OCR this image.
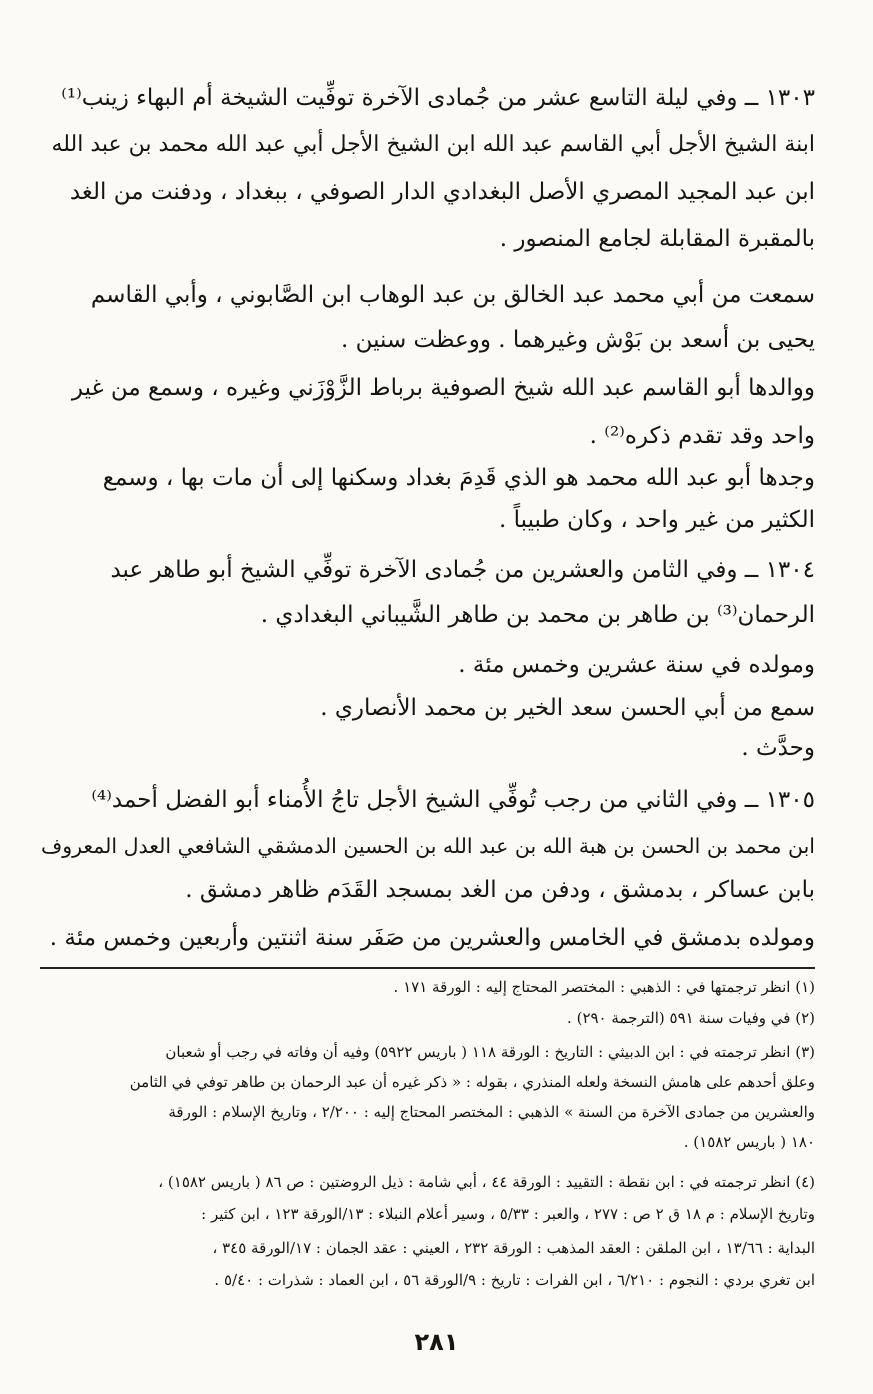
١٣٠٣ ــ وفي ليلة التاسع عشر من جُمادى الآخرة توفِّيت الشيخة أم البهاء زينب⁽¹⁾
ابنة الشيخ الأجل أبي القاسم عبد الله ابن الشيخ الأجل أبي عبد الله محمد بن عبد الله
ابن عبد المجيد المصري الأصل البغدادي الدار الصوفي ، ببغداد ، ودفنت من الغد
بالمقبرة المقابلة لجامع المنصور .
سمعت من أبي محمد عبد الخالق بن عبد الوهاب ابن الصَّابوني ، وأبي القاسم
يحيى بن أسعد بن بَوْش وغيرهما . ووعظت سنين .
ووالدها أبو القاسم عبد الله شيخ الصوفية برباط الزَّوْزَني وغيره ، وسمع من غير
واحد وقد تقدم ذكره⁽²⁾ .
وجدها أبو عبد الله محمد هو الذي قَدِمَ بغداد وسكنها إلى أن مات بها ، وسمع
الكثير من غير واحد ، وكان طبيباً .
١٣٠٤ ــ وفي الثامن والعشرين من جُمادى الآخرة توفِّي الشيخ أبو طاهر عبد
الرحمان⁽³⁾ بن طاهر بن محمد بن طاهر الشَّيباني البغدادي .
ومولده في سنة عشرين وخمس مئة .
سمع من أبي الحسن سعد الخير بن محمد الأنصاري .
وحدَّث .
١٣٠٥ ــ وفي الثاني من رجب تُوفِّي الشيخ الأجل تاجُ الأُمناء أبو الفضل أحمد⁽⁴⁾
ابن محمد بن الحسن بن هبة الله بن عبد الله بن الحسين الدمشقي الشافعي العدل المعروف
بابن عساكر ، بدمشق ، ودفن من الغد بمسجد القَدَم ظاهر دمشق .
ومولده بدمشق في الخامس والعشرين من صَفَر سنة اثنتين وأربعين وخمس مئة .
(١) انظر ترجمتها في : الذهبي : المختصر المحتاج إليه : الورقة ١٧١ .
(٢) في وفيات سنة ٥٩١ (الترجمة ٢٩٠) .
(٣) انظر ترجمته في : ابن الدبيثي : التاريخ : الورقة ١١٨ ( باريس ٥٩٢٢) وفيه أن وفاته في رجب أو شعبان
وعلق أحدهم على هامش النسخة ولعله المنذري ، بقوله : « ذكر غيره أن عبد الرحمان بن طاهر توفي في الثامن
والعشرين من جمادى الآخرة من السنة » الذهبي : المختصر المحتاج إليه : ٢/٢٠٠ ، وتاريخ الإسلام : الورقة
١٨٠ ( باريس ١٥٨٢) .
(٤) انظر ترجمته في : ابن نقطة : التقييد : الورقة ٤٤ ، أبي شامة : ذيل الروضتين : ص ٨٦ ( باريس ١٥٨٢) ،
وتاريخ الإسلام : م ١٨ ق ٢ ص : ٢٧٧ ، والعبر : ٥/٣٣ ، وسير أعلام النبلاء : ١٣/الورقة ١٢٣ ، ابن كثير :
البداية : ١٣/٦٦ ، ابن الملقن : العقد المذهب : الورقة ٢٣٢ ، العيني : عقد الجمان : ١٧/الورقة ٣٤٥ ،
ابن تغري بردي : النجوم : ٦/٢١٠ ، ابن الفرات : تاريخ : ٩/الورقة ٥٦ ، ابن العماد : شذرات : ٥/٤٠ .
٢٨١
